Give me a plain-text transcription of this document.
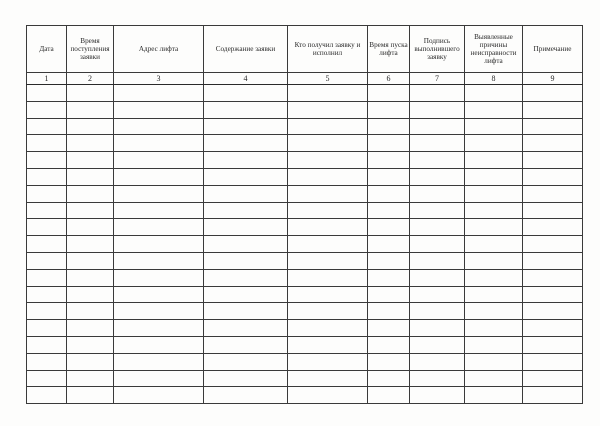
Дата	Время поступления заявки	Адрес лифта	Содержание заявки	Кто получил заявку и исполнил	Время пуска лифта	Подпись выполнившего заявку	Выявленные причины неисправности лифта	Примечание

1	2	3	4	5	6	7	8	9
